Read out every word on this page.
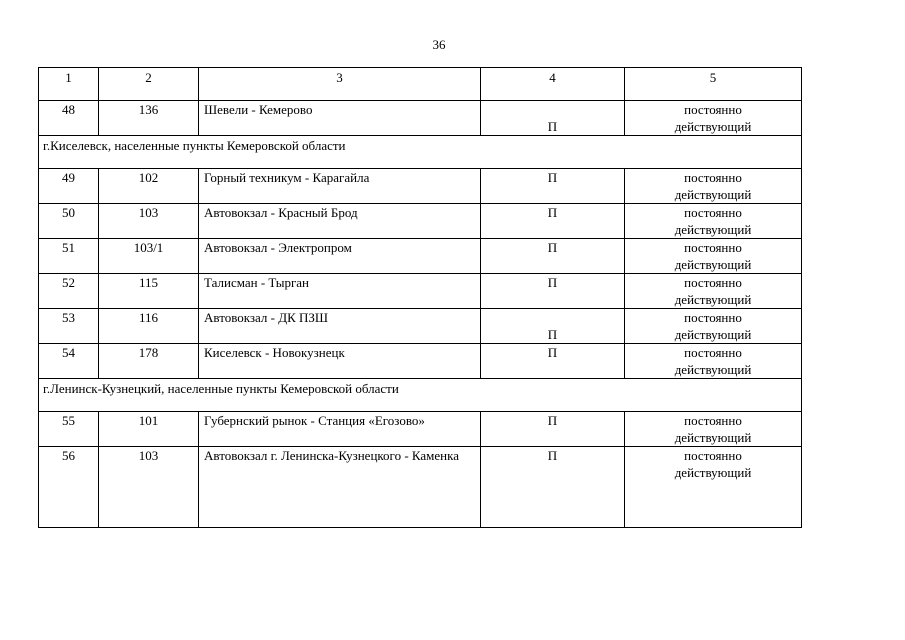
36
1	2	3	4	5
48	136	Шевели - Кемерово	П	постоянно
действующий

г.Киселевск, населенные пункты Кемеровской области				
49	102	Горный техникум - Карагайла	П	постоянно
действующий

50	103	Автовокзал - Красный Брод	П	постоянно
действующий

51	103/1	Автовокзал - Электропром	П	постоянно
действующий

52	115	Талисман - Тырган	П	постоянно
действующий

53	116	Автовокзал - ДК ПЗШ	П	постоянно
действующий

54	178	Киселевск - Новокузнецк	П	постоянно
действующий

г.Ленинск-Кузнецкий, населенные пункты Кемеровской области				
55	101	Губернский рынок - Станция «Егозово»	П	постоянно
действующий

56	103	Автовокзал г. Ленинска-Кузнецкого - Каменка	П	постоянно
действующий
